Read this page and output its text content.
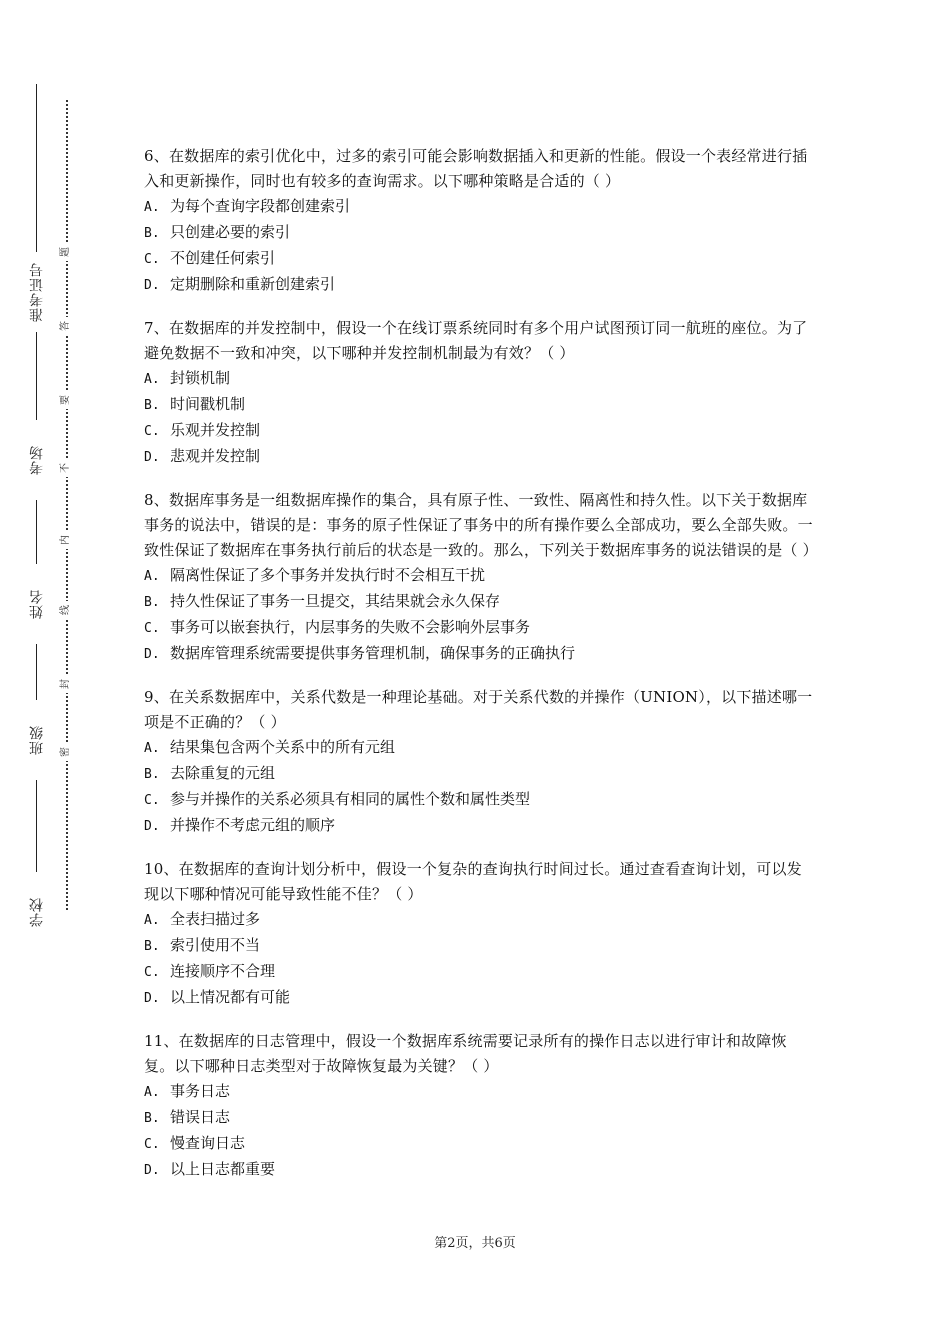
准考证号
考场
姓名
班级
学校
题
答
要
不
内
线
封
密

6、在数据库的索引优化中，过多的索引可能会影响数据插入和更新的性能。假设一个表经常进行插入和更新操作，同时也有较多的查询需求。以下哪种策略是合适的（ ）

A. 为每个查询字段都创建索引

B. 只创建必要的索引

C. 不创建任何索引

D. 定期删除和重新创建索引

7、在数据库的并发控制中，假设一个在线订票系统同时有多个用户试图预订同一航班的座位。为了避免数据不一致和冲突，以下哪种并发控制机制最为有效？（ ）

A. 封锁机制

B. 时间戳机制

C. 乐观并发控制

D. 悲观并发控制

8、数据库事务是一组数据库操作的集合，具有原子性、一致性、隔离性和持久性。以下关于数据库事务的说法中，错误的是：事务的原子性保证了事务中的所有操作要么全部成功，要么全部失败。一致性保证了数据库在事务执行前后的状态是一致的。那么，下列关于数据库事务的说法错误的是（ ）

A. 隔离性保证了多个事务并发执行时不会相互干扰

B. 持久性保证了事务一旦提交，其结果就会永久保存

C. 事务可以嵌套执行，内层事务的失败不会影响外层事务

D. 数据库管理系统需要提供事务管理机制，确保事务的正确执行

9、在关系数据库中，关系代数是一种理论基础。对于关系代数的并操作（UNION），以下描述哪一项是不正确的？（ ）

A. 结果集包含两个关系中的所有元组

B. 去除重复的元组

C. 参与并操作的关系必须具有相同的属性个数和属性类型

D. 并操作不考虑元组的顺序

10、在数据库的查询计划分析中，假设一个复杂的查询执行时间过长。通过查看查询计划，可以发现以下哪种情况可能导致性能不佳？（ ）

A. 全表扫描过多

B. 索引使用不当

C. 连接顺序不合理

D. 以上情况都有可能

11、在数据库的日志管理中，假设一个数据库系统需要记录所有的操作日志以进行审计和故障恢复。以下哪种日志类型对于故障恢复最为关键？（ ）

A. 事务日志

B. 错误日志

C. 慢查询日志

D. 以上日志都重要

第2页，共6页
